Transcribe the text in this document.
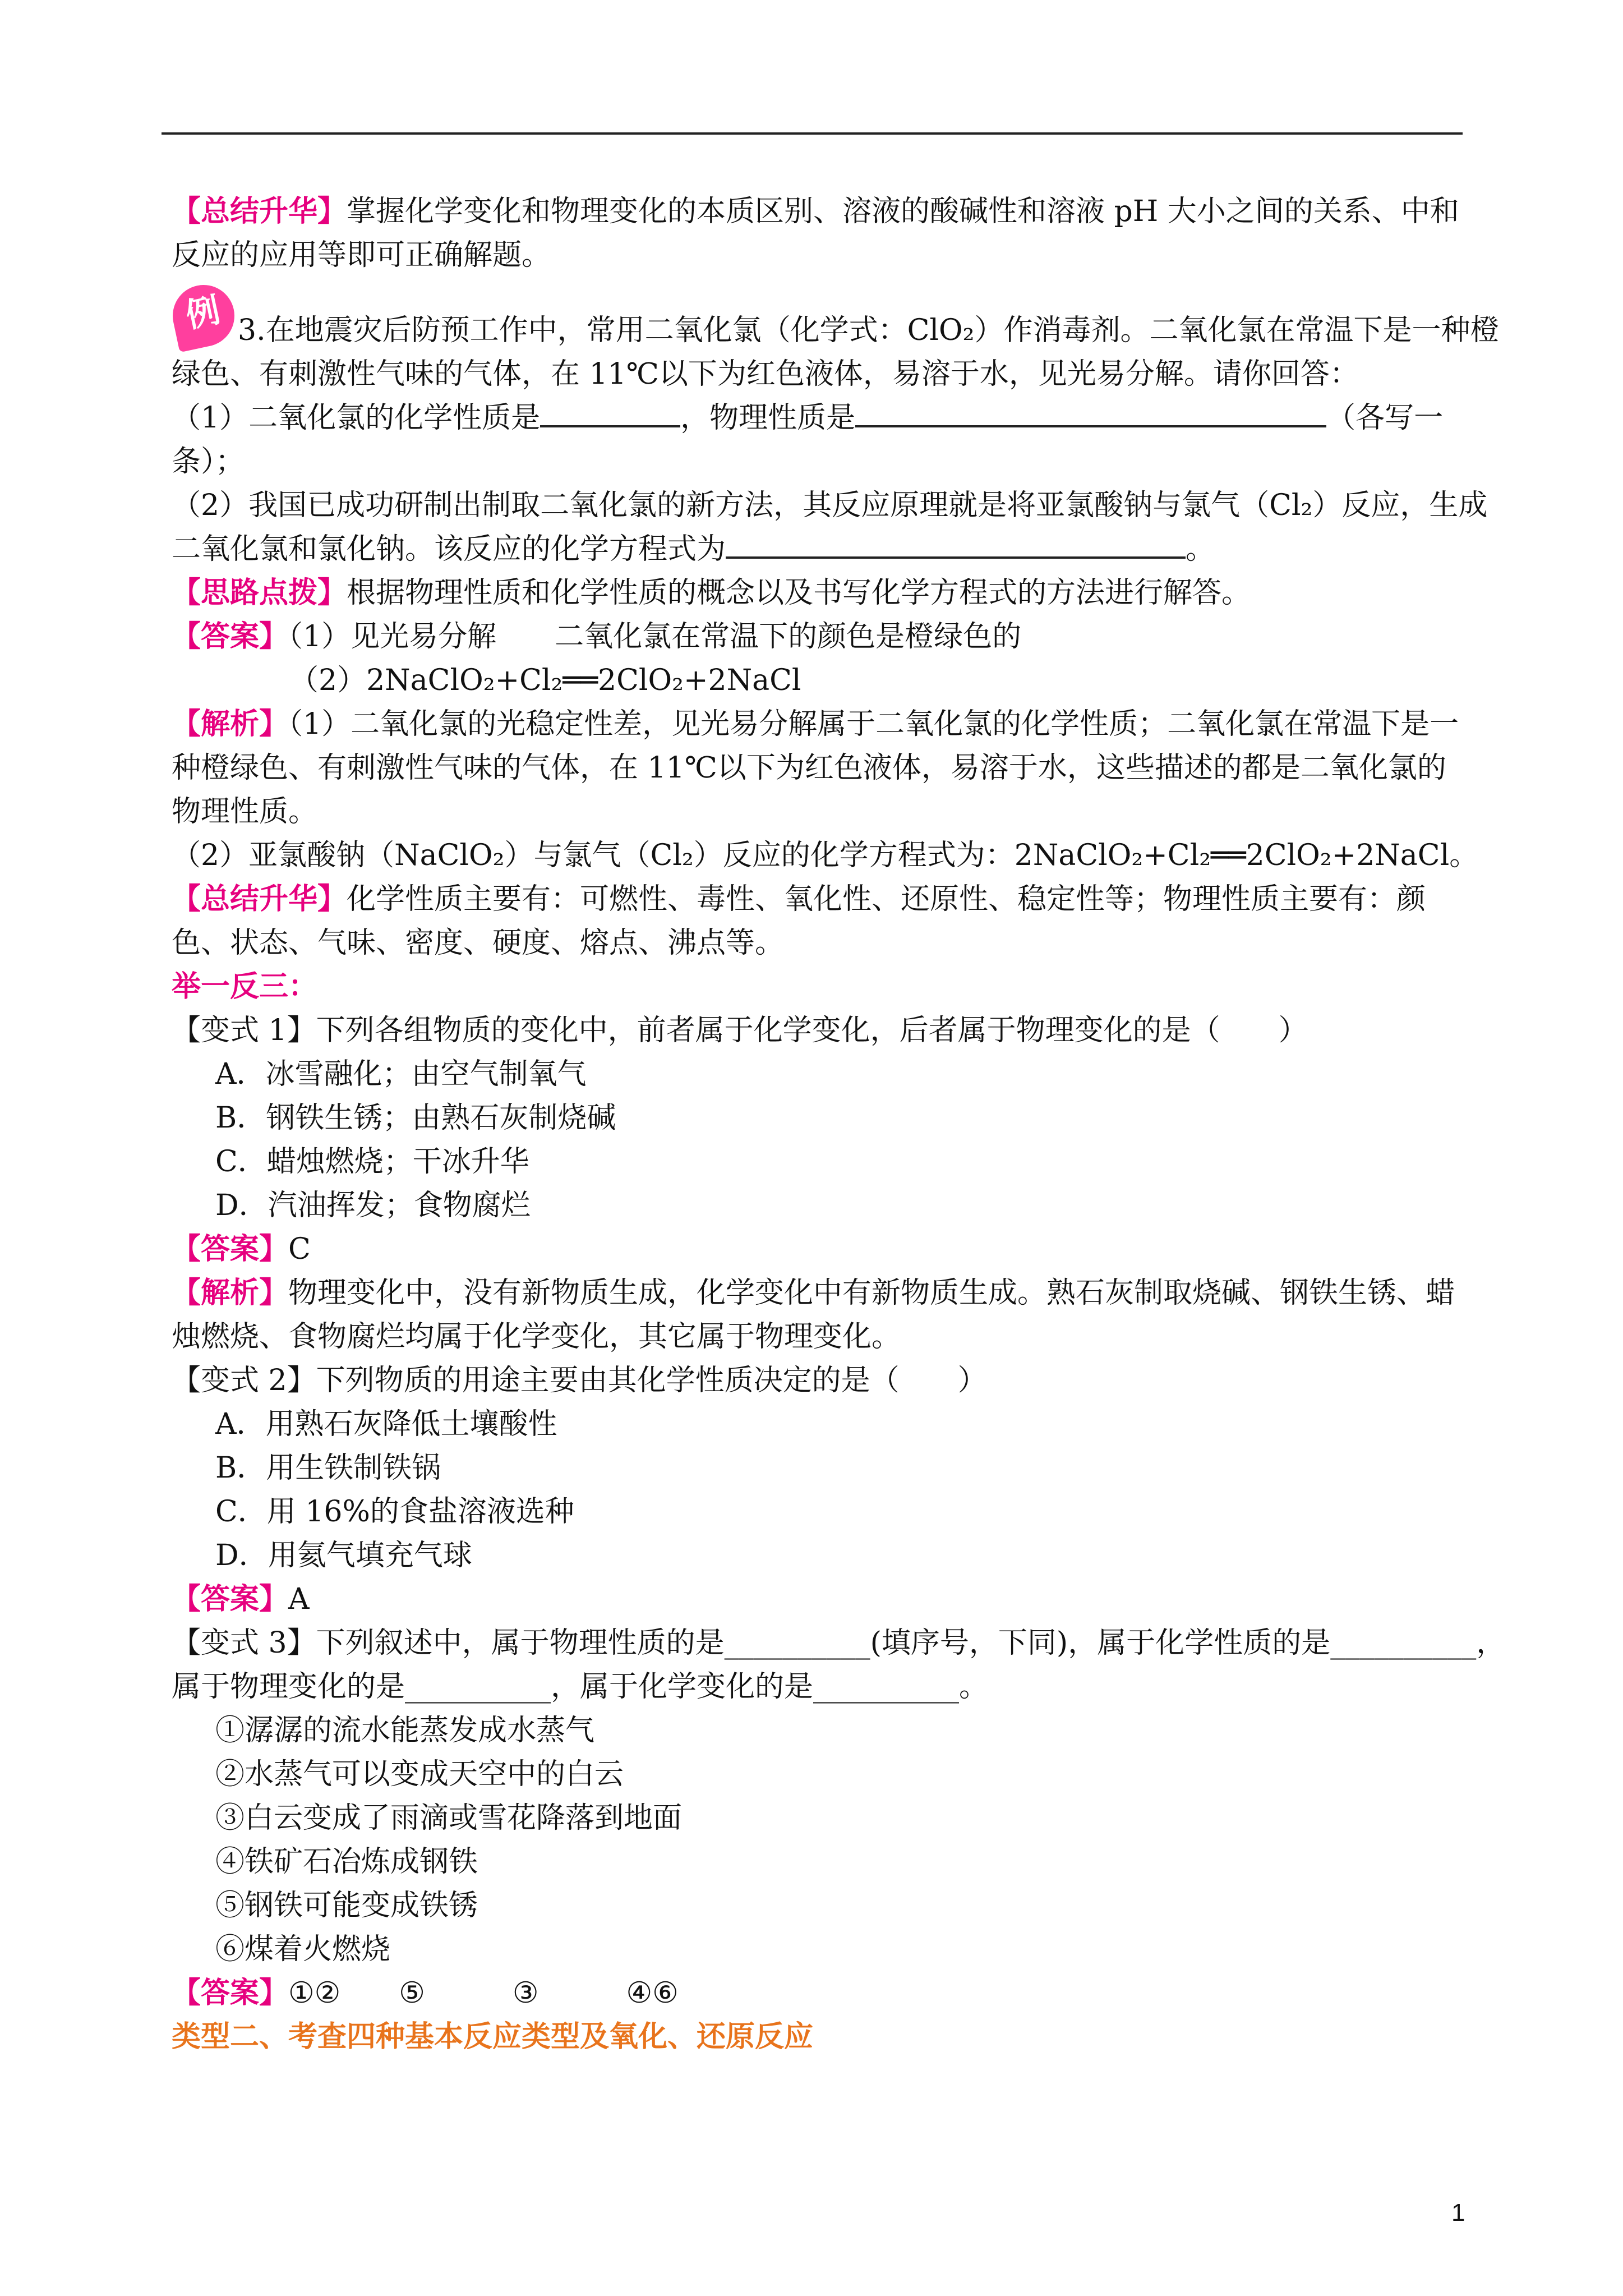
例
【总结升华】掌握化学变化和物理变化的本质区别、溶液的酸碱性和溶液 pH 大小之间的关系、中和反应的应用等即可正确解题。
3.在地震灾后防预工作中，常用二氧化氯（化学式：ClO₂）作消毒剂。二氧化氯在常温下是一种橙
绿色、有刺激性气味的气体，在 11℃以下为红色液体，易溶于水，见光易分解。请你回答：
（1）二氧化氯的化学性质是	，物理性质是	（各写一
条）；
（2）我国已成功研制出制取二氧化氯的新方法，其反应原理就是将亚氯酸钠与氯气（Cl₂）反应，生成
二氧化氯和氯化钠。该反应的化学方程式为	。
【思路点拨】根据物理性质和化学性质的概念以及书写化学方程式的方法进行解答。
【答案】（1）见光易分解　　二氧化氯在常温下的颜色是橙绿色的
（2）2NaClO₂+Cl₂══2ClO₂+2NaCl
【解析】（1）二氧化氯的光稳定性差，见光易分解属于二氧化氯的化学性质；二氧化氯在常温下是一种橙绿色、有刺激性气味的气体，在 11℃以下为红色液体，易溶于水，这些描述的都是二氧化氯的物理性质。
（2）亚氯酸钠（NaClO₂）与氯气（Cl₂）反应的化学方程式为：2NaClO₂+Cl₂══2ClO₂+2NaCl。
【总结升华】化学性质主要有：可燃性、毒性、氧化性、还原性、稳定性等；物理性质主要有：颜色、状态、气味、密度、硬度、熔点、沸点等。
举一反三：
【变式 1】下列各组物质的变化中，前者属于化学变化，后者属于物理变化的是（　　）
A．冰雪融化；由空气制氧气
B．钢铁生锈；由熟石灰制烧碱
C．蜡烛燃烧；干冰升华
D．汽油挥发；食物腐烂
【答案】C
【解析】物理变化中，没有新物质生成，化学变化中有新物质生成。熟石灰制取烧碱、钢铁生锈、蜡烛燃烧、食物腐烂均属于化学变化，其它属于物理变化。
【变式 2】下列物质的用途主要由其化学性质决定的是（　　）
A．用熟石灰降低土壤酸性
B．用生铁制铁锅
C．用 16%的食盐溶液选种
D．用氦气填充气球
【答案】A
【变式 3】下列叙述中，属于物理性质的是__________(填序号，下同)，属于化学性质的是__________，
属于物理变化的是__________，属于化学变化的是__________。
①潺潺的流水能蒸发成水蒸气
②水蒸气可以变成天空中的白云
③白云变成了雨滴或雪花降落到地面
④铁矿石冶炼成钢铁
⑤钢铁可能变成铁锈
⑥煤着火燃烧
【答案】①②　　⑤　　　③　　　④⑥
类型二、考查四种基本反应类型及氧化、还原反应
1
